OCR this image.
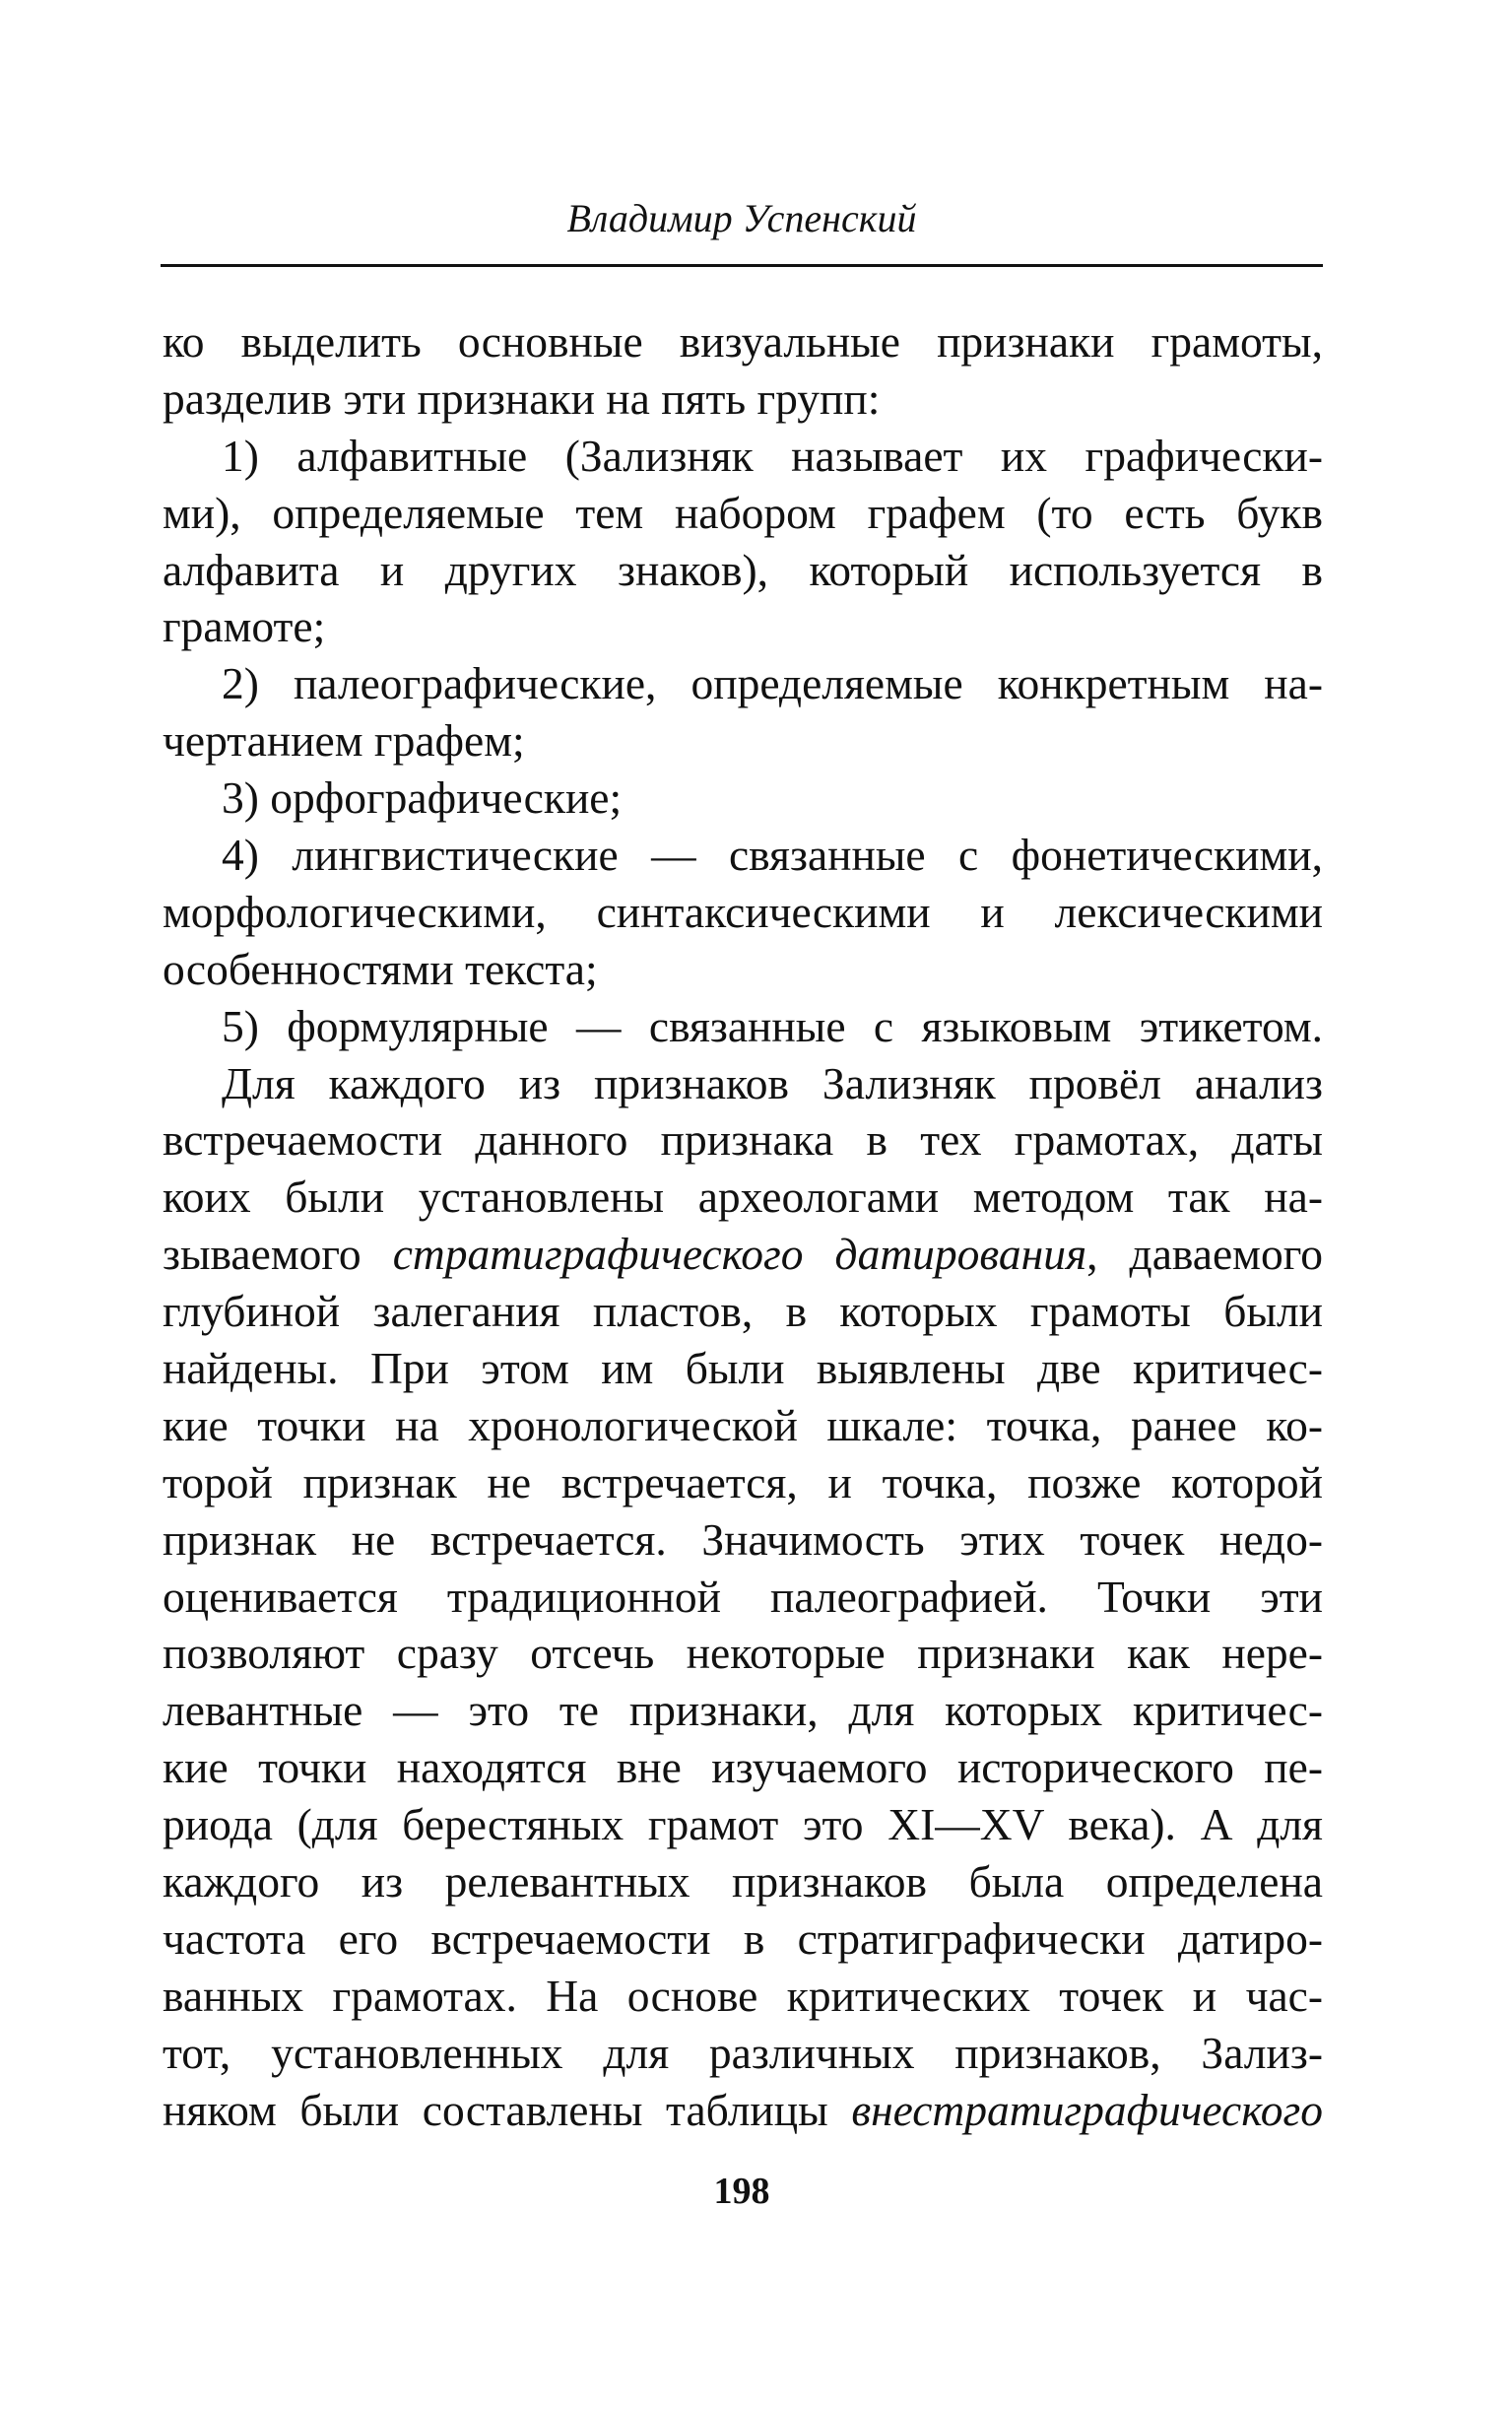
Владимир Успенский
ко выделить основные визуальные признаки грамоты,
разделив эти признаки на пять групп:
1) алфавитные (Зализняк называет их графически-
ми), определяемые тем набором графем (то есть букв
алфавита и других знаков), который используется в
грамоте;
2) палеографические, определяемые конкретным на-
чертанием графем;
3) орфографические;
4) лингвистические — связанные с фонетическими,
морфологическими, синтаксическими и лексическими
особенностями текста;
5) формулярные — связанные с языковым этикетом.
Для каждого из признаков Зализняк провёл анализ
встречаемости данного признака в тех грамотах, даты
коих были установлены археологами методом так на-
зываемого стратиграфического датирования, даваемого
глубиной залегания пластов, в которых грамоты были
найдены. При этом им были выявлены две критичес-
кие точки на хронологической шкале: точка, ранее ко-
торой признак не встречается, и точка, позже которой
признак не встречается. Значимость этих точек недо-
оценивается традиционной палеографией. Точки эти
позволяют сразу отсечь некоторые признаки как нере-
левантные — это те признаки, для которых критичес-
кие точки находятся вне изучаемого исторического пе-
риода (для берестяных грамот это XI—XV века). А для
каждого из релевантных признаков была определена
частота его встречаемости в стратиграфически датиро-
ванных грамотах. На основе критических точек и час-
тот, установленных для различных признаков, Зализ-
няком были составлены таблицы внестратиграфического
198
